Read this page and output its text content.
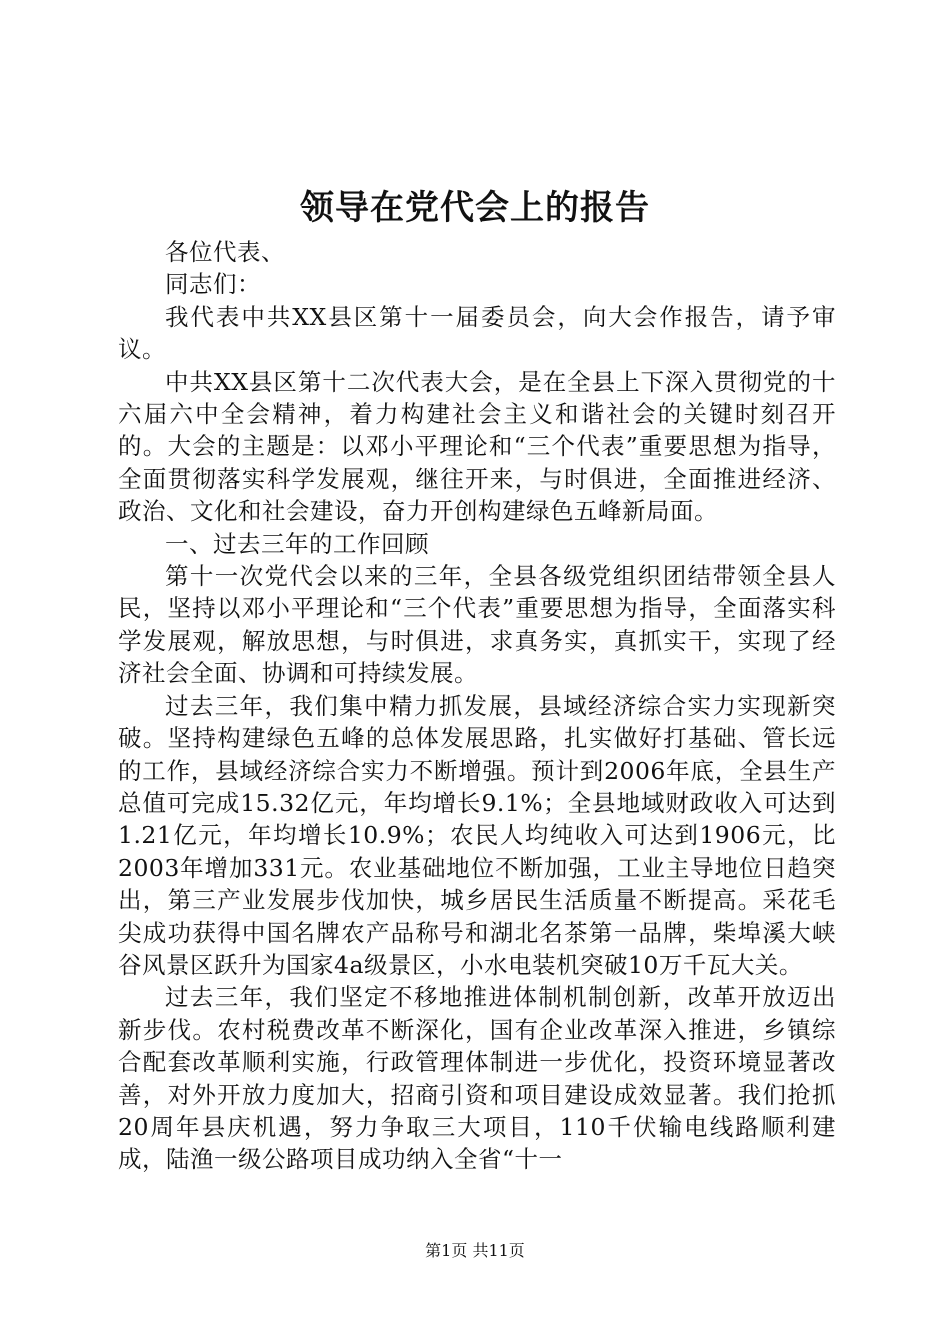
领导在党代会上的报告

各位代表、

同志们：

我代表中共XX县区第十一届委员会，向大会作报告，请予审议。

中共XX县区第十二次代表大会，是在全县上下深入贯彻党的十六届六中全会精神，着力构建社会主义和谐社会的关键时刻召开的。大会的主题是：以邓小平理论和“三个代表”重要思想为指导，全面贯彻落实科学发展观，继往开来，与时俱进，全面推进经济、政治、文化和社会建设，奋力开创构建绿色五峰新局面。

一、过去三年的工作回顾

第十一次党代会以来的三年，全县各级党组织团结带领全县人民，坚持以邓小平理论和“三个代表”重要思想为指导，全面落实科学发展观，解放思想，与时俱进，求真务实，真抓实干，实现了经济社会全面、协调和可持续发展。

过去三年，我们集中精力抓发展，县域经济综合实力实现新突破。坚持构建绿色五峰的总体发展思路，扎实做好打基础、管长远的工作，县域经济综合实力不断增强。预计到2006年底，全县生产总值可完成15.32亿元，年均增长9.1%；全县地域财政收入可达到1.21亿元，年均增长10.9%；农民人均纯收入可达到1906元，比2003年增加331元。农业基础地位不断加强，工业主导地位日趋突出，第三产业发展步伐加快，城乡居民生活质量不断提高。采花毛尖成功获得中国名牌农产品称号和湖北名茶第一品牌，柴埠溪大峡谷风景区跃升为国家4a级景区，小水电装机突破10万千瓦大关。

过去三年，我们坚定不移地推进体制机制创新，改革开放迈出新步伐。农村税费改革不断深化，国有企业改革深入推进，乡镇综合配套改革顺利实施，行政管理体制进一步优化，投资环境显著改善，对外开放力度加大，招商引资和项目建设成效显著。我们抢抓20周年县庆机遇，努力争取三大项目，110千伏输电线路顺利建成，陆渔一级公路项目成功纳入全省“十一

第1页 共11页
